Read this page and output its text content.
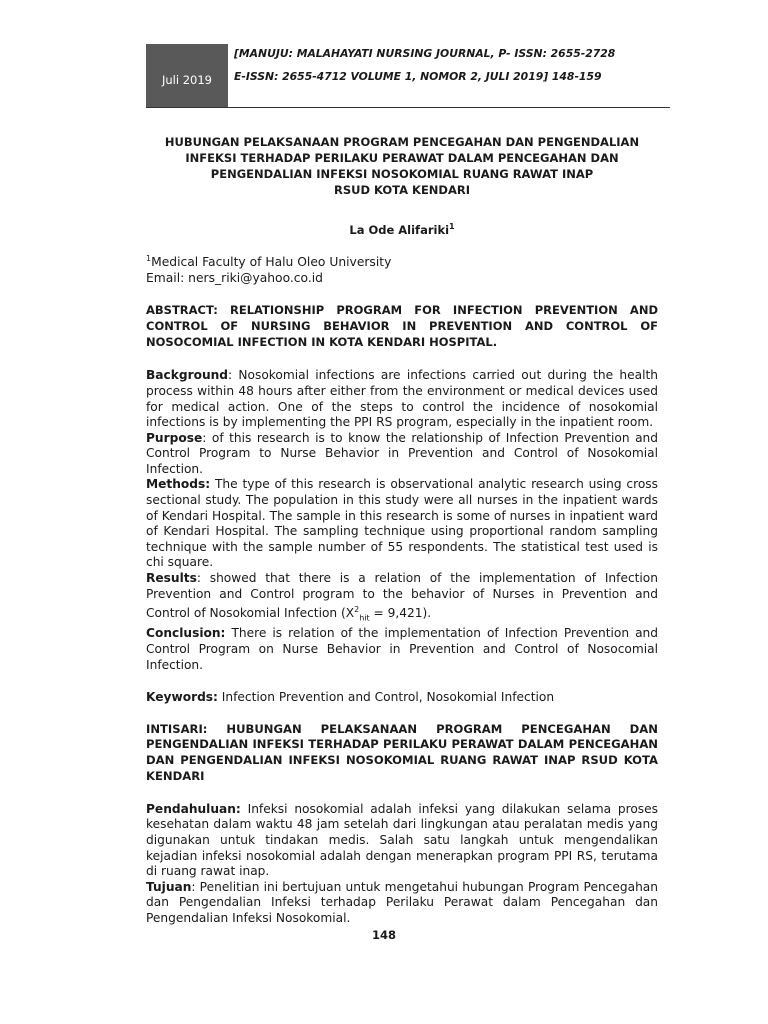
Juli 2019
[MANUJU: MALAHAYATI NURSING JOURNAL, P- ISSN: 2655-2728
E-ISSN: 2655-4712 VOLUME 1, NOMOR 2, JULI 2019] 148-159
HUBUNGAN PELAKSANAAN PROGRAM PENCEGAHAN DAN PENGENDALIAN
INFEKSI TERHADAP PERILAKU PERAWAT DALAM PENCEGAHAN DAN
PENGENDALIAN INFEKSI NOSOKOMIAL RUANG RAWAT INAP
RSUD KOTA KENDARI
La Ode Alifariki$^1$
$^1$Medical Faculty of Halu Oleo University
Email: ners_riki@yahoo.co.id
ABSTRACT: RELATIONSHIP PROGRAM FOR INFECTION PREVENTION AND CONTROL OF NURSING BEHAVIOR IN PREVENTION AND CONTROL OF NOSOCOMIAL INFECTION IN KOTA KENDARI HOSPITAL.

Background: Nosokomial infections are infections carried out during the health process within 48 hours after either from the environment or medical devices used for medical action. One of the steps to control the incidence of nosokomial infections is by implementing the PPI RS program, especially in the inpatient room.

Purpose: of this research is to know the relationship of Infection Prevention and Control Program to Nurse Behavior in Prevention and Control of Nosokomial Infection.

Methods: The type of this research is observational analytic research using cross sectional study. The population in this study were all nurses in the inpatient wards of Kendari Hospital. The sample in this research is some of nurses in inpatient ward of Kendari Hospital. The sampling technique using proportional random sampling technique with the sample number of 55 respondents. The statistical test used is chi square.

Results: showed that there is a relation of the implementation of Infection Prevention and Control program to the behavior of Nurses in Prevention and Control of Nosokomial Infection $(X^2_{hit} = 9,421)$.

Conclusion: There is relation of the implementation of Infection Prevention and Control Program on Nurse Behavior in Prevention and Control of Nosocomial Infection.

Keywords: Infection Prevention and Control, Nosokomial Infection
INTISARI: HUBUNGAN PELAKSANAAN PROGRAM PENCEGAHAN DAN PENGENDALIAN INFEKSI TERHADAP PERILAKU PERAWAT DALAM PENCEGAHAN DAN PENGENDALIAN INFEKSI NOSOKOMIAL RUANG RAWAT INAP RSUD KOTA KENDARI

Pendahuluan: Infeksi nosokomial adalah infeksi yang dilakukan selama proses kesehatan dalam waktu 48 jam setelah dari lingkungan atau peralatan medis yang digunakan untuk tindakan medis. Salah satu langkah untuk mengendalikan kejadian infeksi nosokomial adalah dengan menerapkan program PPI RS, terutama di ruang rawat inap.

Tujuan: Penelitian ini bertujuan untuk mengetahui hubungan Program Pencegahan dan Pengendalian Infeksi terhadap Perilaku Perawat dalam Pencegahan dan Pengendalian Infeksi Nosokomial.

148
